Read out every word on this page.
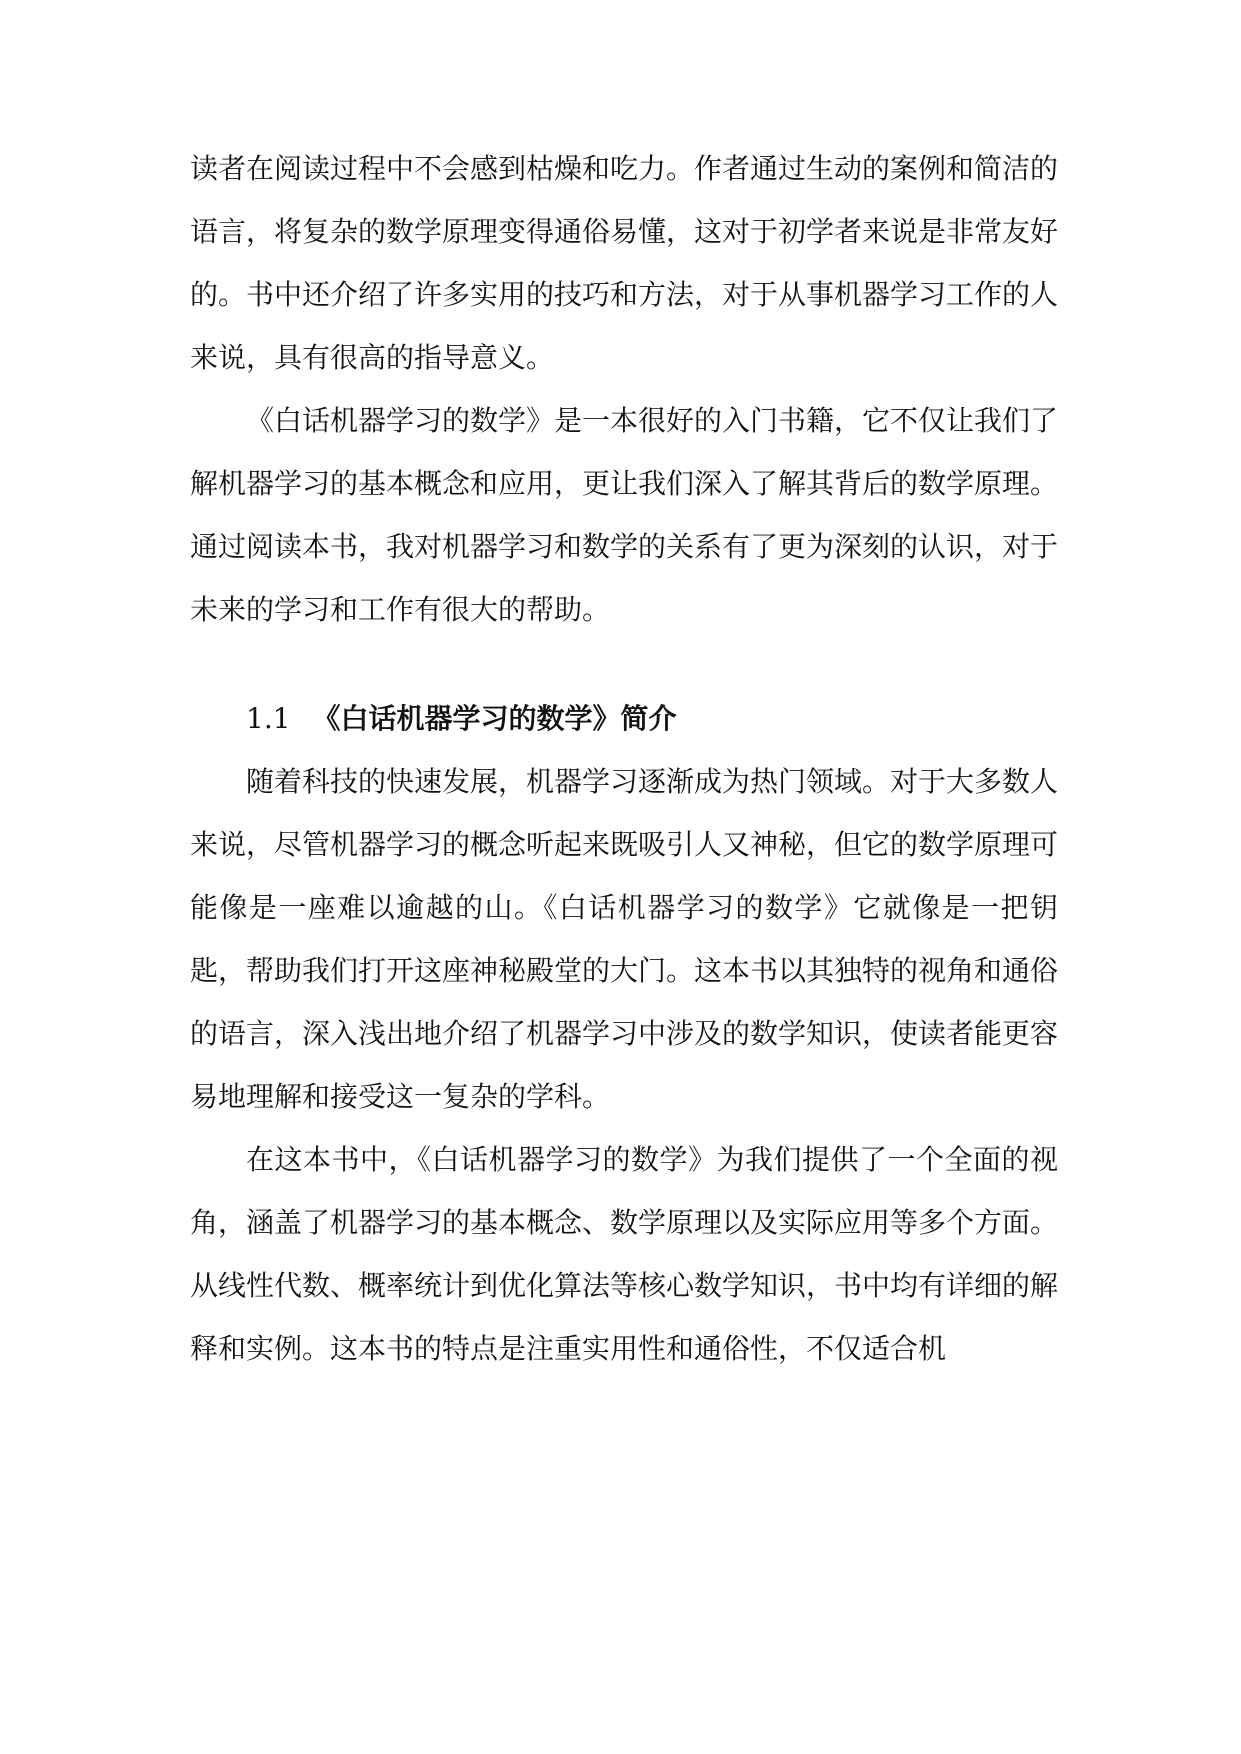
读者在阅读过程中不会感到枯燥和吃力。作者通过生动的案例和简洁的语言，将复杂的数学原理变得通俗易懂，这对于初学者来说是非常友好的。书中还介绍了许多实用的技巧和方法，对于从事机器学习工作的人来说，具有很高的指导意义。

《白话机器学习的数学》是一本很好的入门书籍，它不仅让我们了解机器学习的基本概念和应用，更让我们深入了解其背后的数学原理。通过阅读本书，我对机器学习和数学的关系有了更为深刻的认识，对于未来的学习和工作有很大的帮助。

1.1 《白话机器学习的数学》简介

随着科技的快速发展，机器学习逐渐成为热门领域。对于大多数人来说，尽管机器学习的概念听起来既吸引人又神秘，但它的数学原理可能像是一座难以逾越的山。《白话机器学习的数学》它就像是一把钥匙，帮助我们打开这座神秘殿堂的大门。这本书以其独特的视角和通俗的语言，深入浅出地介绍了机器学习中涉及的数学知识，使读者能更容易地理解和接受这一复杂的学科。

在这本书中，《白话机器学习的数学》为我们提供了一个全面的视角，涵盖了机器学习的基本概念、数学原理以及实际应用等多个方面。从线性代数、概率统计到优化算法等核心数学知识，书中均有详细的解释和实例。这本书的特点是注重实用性和通俗性，不仅适合机
